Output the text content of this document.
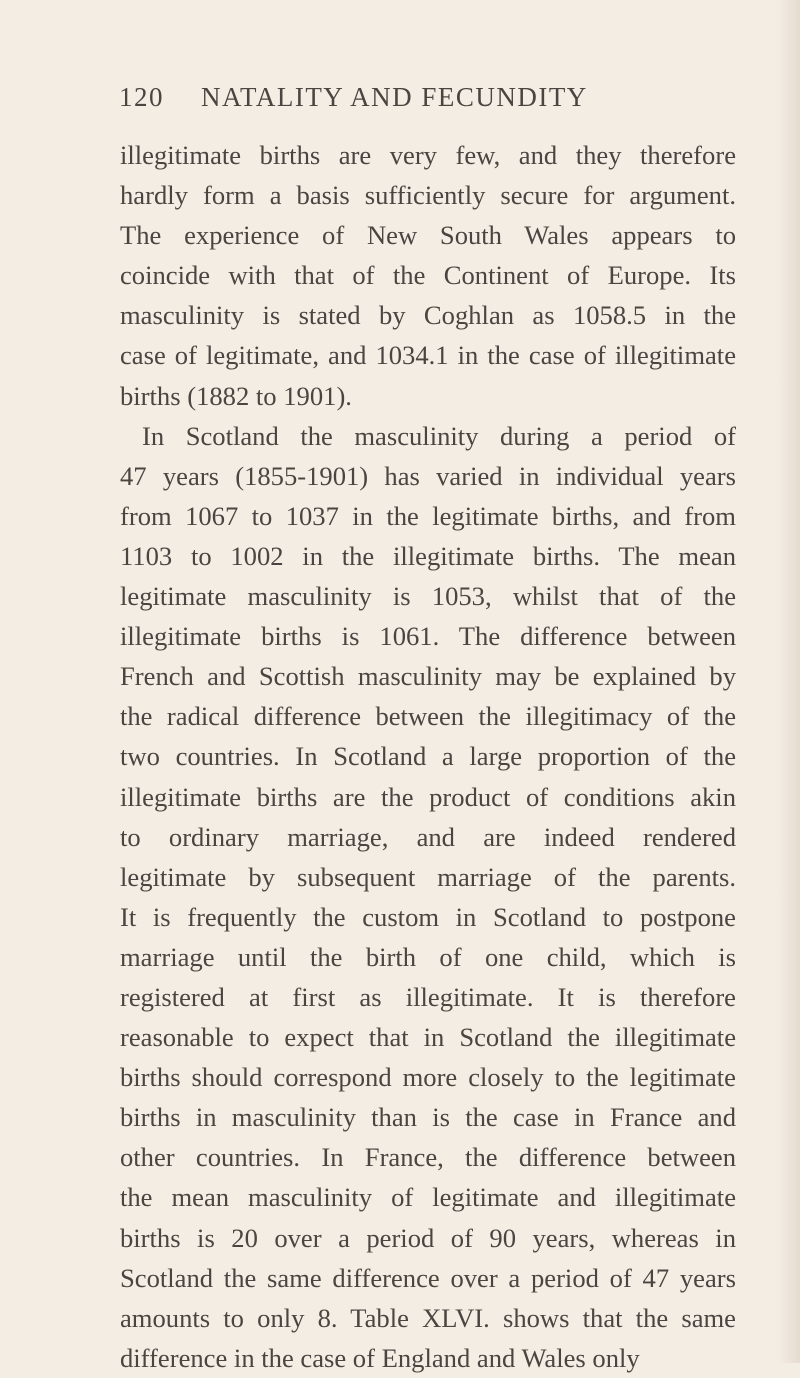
120 NATALITY AND FECUNDITY
illegitimate births are very few, and they therefore
hardly form a basis sufficiently secure for argument.
The experience of New South Wales appears to
coincide with that of the Continent of Europe. Its
masculinity is stated by Coghlan as 1058.5 in the
case of legitimate, and 1034.1 in the case of illegitimate
births (1882 to 1901).
In Scotland the masculinity during a period of
47 years (1855-1901) has varied in individual years
from 1067 to 1037 in the legitimate births, and from
1103 to 1002 in the illegitimate births. The mean
legitimate masculinity is 1053, whilst that of the
illegitimate births is 1061. The difference between
French and Scottish masculinity may be explained by
the radical difference between the illegitimacy of the
two countries. In Scotland a large proportion of the
illegitimate births are the product of conditions akin
to ordinary marriage, and are indeed rendered
legitimate by subsequent marriage of the parents.
It is frequently the custom in Scotland to postpone
marriage until the birth of one child, which is
registered at first as illegitimate. It is therefore
reasonable to expect that in Scotland the illegitimate
births should correspond more closely to the legitimate
births in masculinity than is the case in France and
other countries. In France, the difference between
the mean masculinity of legitimate and illegitimate
births is 20 over a period of 90 years, whereas in
Scotland the same difference over a period of 47 years
amounts to only 8. Table XLVI. shows that the same
difference in the case of England and Wales only
